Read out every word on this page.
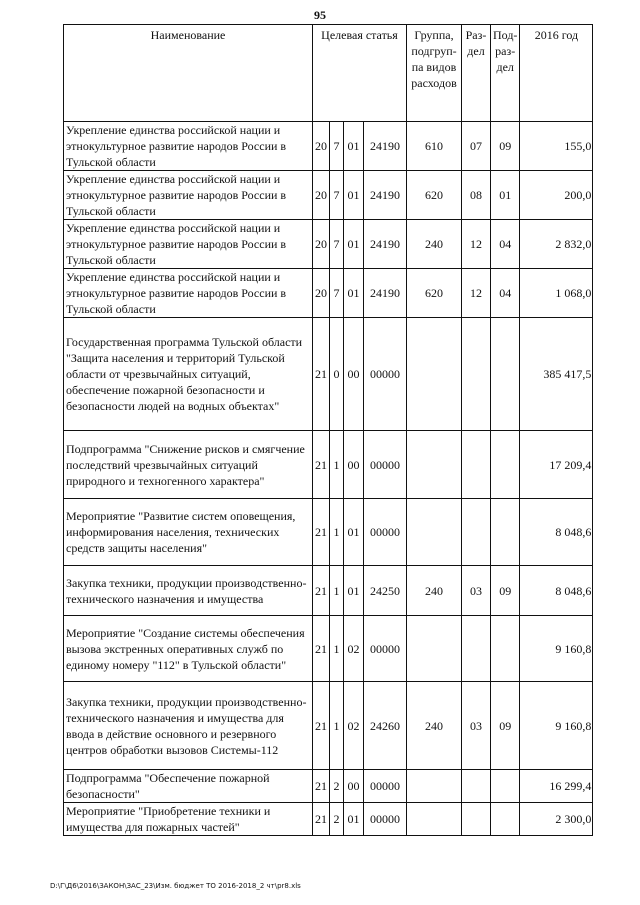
95
Наименование	Целевая статья				Группа, подгруп- па видов расходов	Раз- дел	Под- раз- дел	2016 год
Укрепление единства российской нации и этнокультурное развитие народов России в Тульской области	20	7	01	24190	610	07	09	155,0
Укрепление единства российской нации и этнокультурное развитие народов России в Тульской области	20	7	01	24190	620	08	01	200,0
Укрепление единства российской нации и этнокультурное развитие народов России в Тульской области	20	7	01	24190	240	12	04	2 832,0
Укрепление единства российской нации и этнокультурное развитие народов России в Тульской области	20	7	01	24190	620	12	04	1 068,0
Государственная программа Тульской области "Защита населения и территорий Тульской области от чрезвычайных ситуаций, обеспечение пожарной безопасности и безопасности людей на водных объектах"	21	0	00	00000				385 417,5
Подпрограмма "Снижение рисков и смягчение последствий чрезвычайных ситуаций природного и техногенного характера"	21	1	00	00000				17 209,4
Мероприятие "Развитие систем оповещения, информирования населения, технических средств защиты населения"	21	1	01	00000				8 048,6
Закупка техники, продукции производственно-технического назначения и имущества	21	1	01	24250	240	03	09	8 048,6
Мероприятие "Создание системы обеспечения вызова экстренных оперативных служб по единому номеру "112" в Тульской области"	21	1	02	00000				9 160,8
Закупка техники, продукции производственно-технического назначения и имущества для ввода в действие основного и резервного центров обработки вызовов Системы-112	21	1	02	24260	240	03	09	9 160,8
Подпрограмма "Обеспечение пожарной безопасности"	21	2	00	00000				16 299,4
Мероприятие "Приобретение техники и имущества для пожарных частей"	21	2	01	00000				2 300,0
D:\Г\Д6\2016\ЗАКОН\ЗАС_23\Изм. бюджет ТО 2016-2018_2 чт\pr8.xls
